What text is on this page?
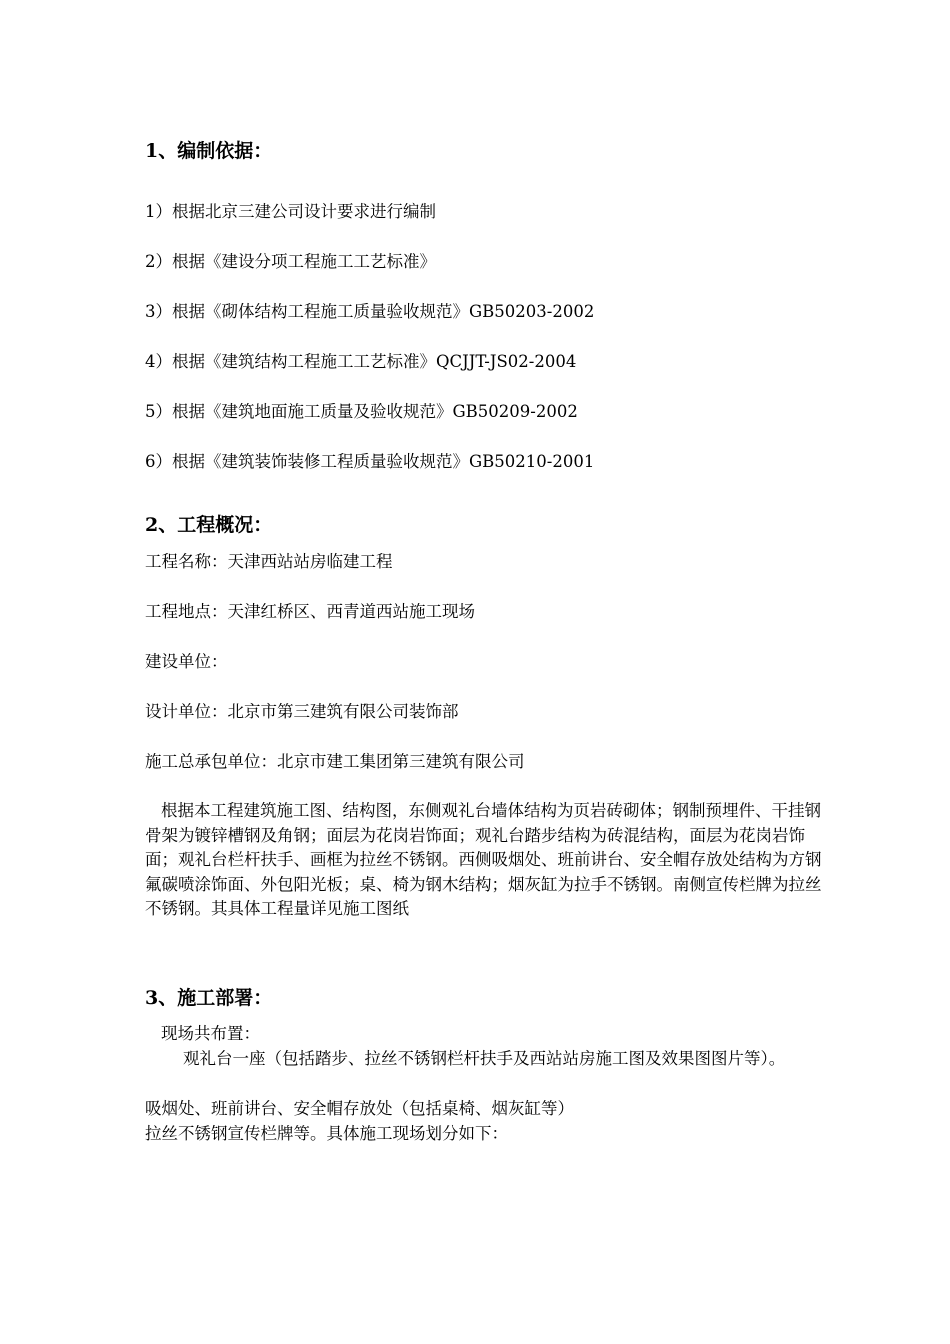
1、编制依据：
1）根据北京三建公司设计要求进行编制
2）根据《建设分项工程施工工艺标准》
3）根据《砌体结构工程施工质量验收规范》GB50203-2002
4）根据《建筑结构工程施工工艺标准》QCJJT-JS02-2004
5）根据《建筑地面施工质量及验收规范》GB50209-2002
6）根据《建筑装饰装修工程质量验收规范》GB50210-2001
2、工程概况：
工程名称：天津西站站房临建工程
工程地点：天津红桥区、西青道西站施工现场
建设单位：
设计单位：北京市第三建筑有限公司装饰部
施工总承包单位：北京市建工集团第三建筑有限公司
根据本工程建筑施工图、结构图，东侧观礼台墙体结构为页岩砖砌体；钢制预埋件、干挂钢骨架为镀锌槽钢及角钢；面层为花岗岩饰面；观礼台踏步结构为砖混结构，面层为花岗岩饰面；观礼台栏杆扶手、画框为拉丝不锈钢。西侧吸烟处、班前讲台、安全帽存放处结构为方钢氟碳喷涂饰面、外包阳光板；桌、椅为钢木结构；烟灰缸为拉手不锈钢。南侧宣传栏牌为拉丝不锈钢。其具体工程量详见施工图纸
3、施工部署：
现场共布置：
观礼台一座（包括踏步、拉丝不锈钢栏杆扶手及西站站房施工图及效果图图片等）。
吸烟处、班前讲台、安全帽存放处（包括桌椅、烟灰缸等）
拉丝不锈钢宣传栏牌等。具体施工现场划分如下：
